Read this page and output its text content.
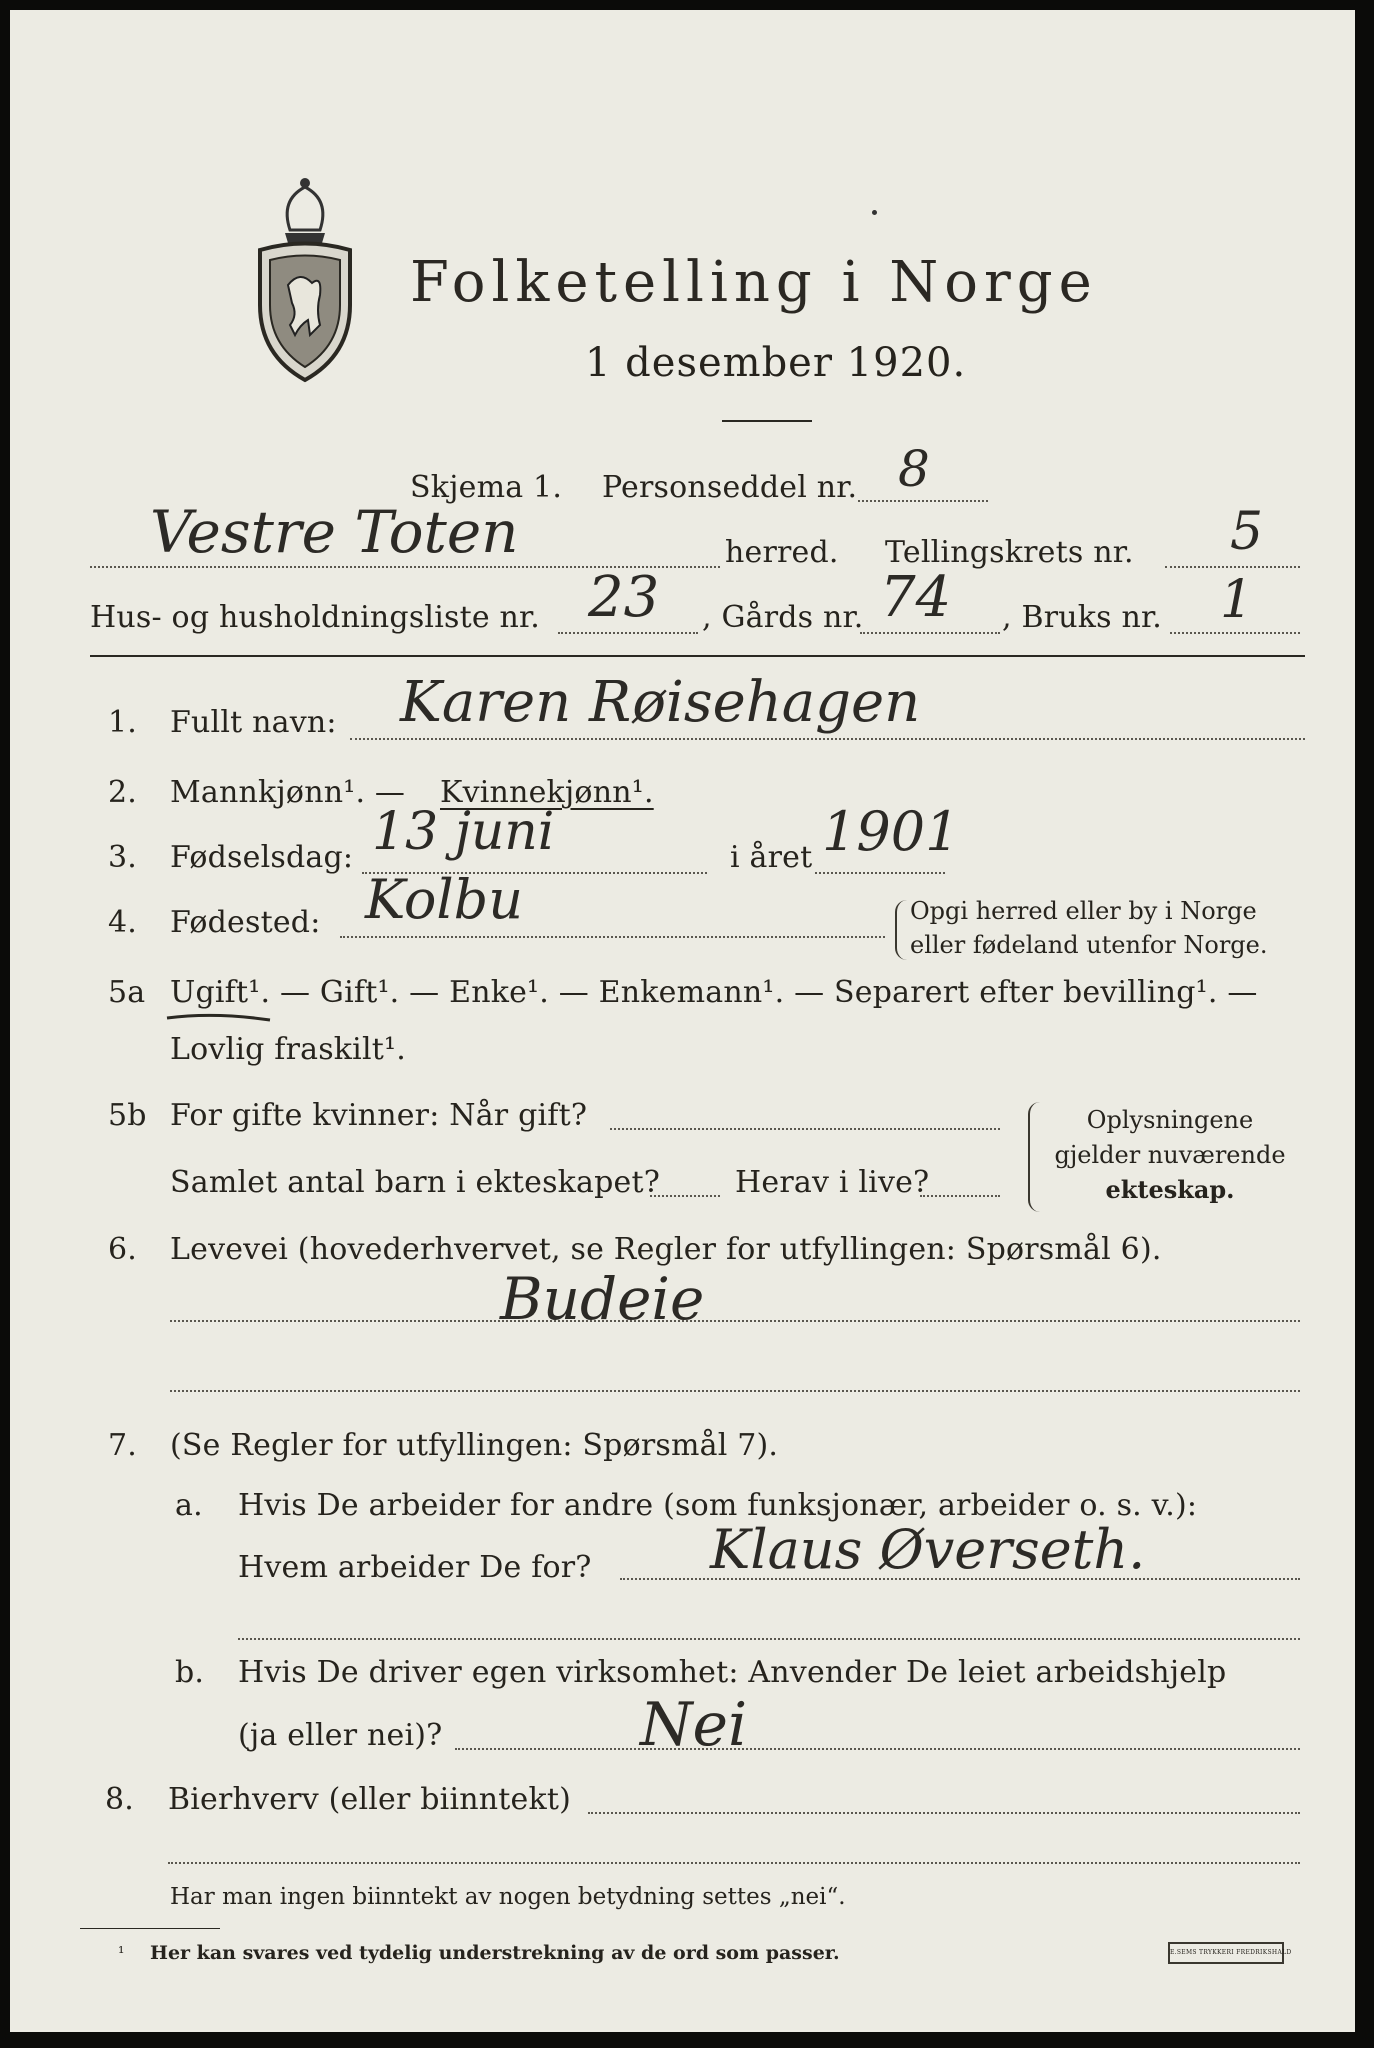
Folketelling i Norge
1 desember 1920.
Skjema 1. Personseddel nr. 8
Vestre Toten	herred. Tellingskrets nr. 5
Hus- og husholdningsliste nr. 23 , Gårds nr. 74 , Bruks nr. 1
1. Fullt navn: Karen Røisehagen
2. Mannkjønn¹. — Kvinnekjønn¹.
3. Fødselsdag: 13 juni	i året 1901
4. Fødested: Kolbu	Opgi herred eller by i Norge
eller fødeland utenfor Norge.
5a Ugift¹. — Gift¹. — Enke¹. — Enkemann¹. — Separert efter bevilling¹. —
Lovlig fraskilt¹.
5b For gifte kvinner: Når gift?
Samlet antal barn i ekteskapet? Herav i live?
Oplysningene
gjelder nuværende
ekteskap.
6. Levevei (hovederhvervet, se Regler for utfyllingen: Spørsmål 6).
Budeie
7. (Se Regler for utfyllingen: Spørsmål 7).
a. Hvis De arbeider for andre (som funksjonær, arbeider o. s. v.):
Hvem arbeider De for? Klaus Øverseth.
b. Hvis De driver egen virksomhet: Anvender De leiet arbeidshjelp
(ja eller nei)?	Nei
8. Bierhverv (eller biinntekt)
Har man ingen biinntekt av nogen betydning settes „nei“.
¹ Her kan svares ved tydelig understrekning av de ord som passer.	E.SEMS TRYKKERI FREDRIKSHALD
